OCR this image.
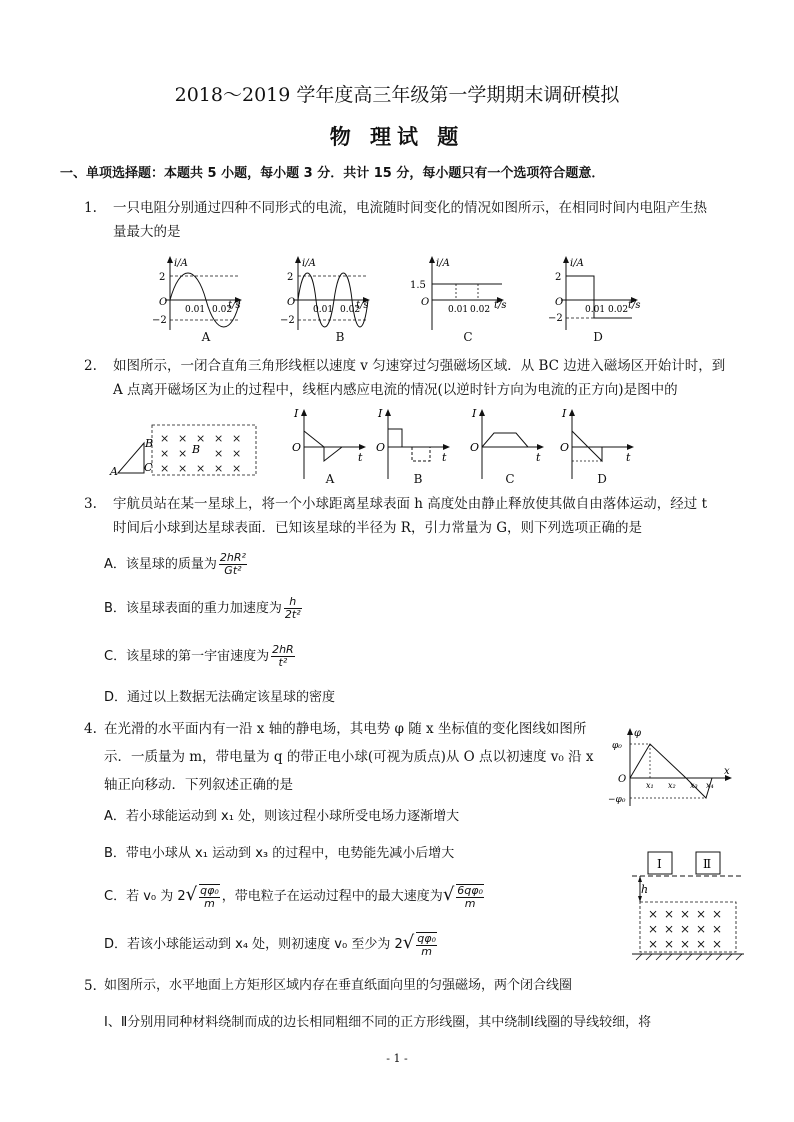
2018～2019 学年度高三年级第一学期期末调研模拟
物 理试 题
一、单项选择题：本题共 5 小题，每小题 3 分．共计 15 分，每小题只有一个选项符合题意．
1. 一只电阻分别通过四种不同形式的电流，电流随时间变化的情况如图所示，在相同时间内电阻产生热
量最大的是
i/A
2
O
−2
0.01 0.02
t/s
i/A
2
O
−2
0.01 0.02
t/s
i/A
1.5
O
0.01 0.02 t/s
i/A
2
O
−2
0.01 0.02 t/s
A	B	C	D
2. 如图所示，一闭合直角三角形线框以速度 v 匀速穿过匀强磁场区域．从 BC 边进入磁场区开始计时，到
A 点离开磁场区为止的过程中，线框内感应电流的情况(以逆时针方向为电流的正方向)是图中的
A
B
C
× × × × ×
× × × ×
× × × × ×
B
I
O
t
I
O
t
I
O
t
I
O
t
A	B	C	D
3. 宇航员站在某一星球上，将一个小球距离星球表面 h 高度处由静止释放使其做自由落体运动，经过 t
时间后小球到达星球表面．已知该星球的半径为 R，引力常量为 G，则下列选项正确的是
A．该星球的质量为 $\frac{\text{2hR²}}{\text{Gt²}}$
B．该星球表面的重力加速度为 $\frac{h}{\text{2t²}}$
C．该星球的第一宇宙速度为 $\frac{2hR}{\text{t²}}$
D．通过以上数据无法确定该星球的密度
4. 在光滑的水平面内有一沿 x 轴的静电场，其电势 φ 随 x 坐标值的变化图线如图所
示．一质量为 m，带电量为 q 的带正电小球(可视为质点)从 O 点以初速度 v₀ 沿 x
轴正向移动．下列叙述正确的是
φ
φ₀
O
−φ₀
x
x₁ x₂ x₃ x₄
A．若小球能运动到 x₁ 处，则该过程小球所受电场力逐渐增大
B．带电小球从 x₁ 运动到 x₃ 的过程中，电势能先减小后增大
C．若 v₀ 为 $2√ \frac{\text{qφ₀}}{m}$ ，带电粒子在运动过程中的最大速度为√ $\frac{\text{6qφ₀}}{m}$
D．若该小球能运动到 x₄ 处，则初速度 v₀ 至少为 $2√ \frac{\text{qφ₀}}{m}$
Ⅰ	Ⅱ
h
× × × × ×
× × × × ×
× × × × ×
5．
如图所示，水平地面上方矩形区域内存在垂直纸面向里的匀强磁场，两个闭合线圈
Ⅰ、Ⅱ分别用同种材料绕制而成的边长相同粗细不同的正方形线圈，其中绕制Ⅰ线圈的导线较细，将
- 1 -
